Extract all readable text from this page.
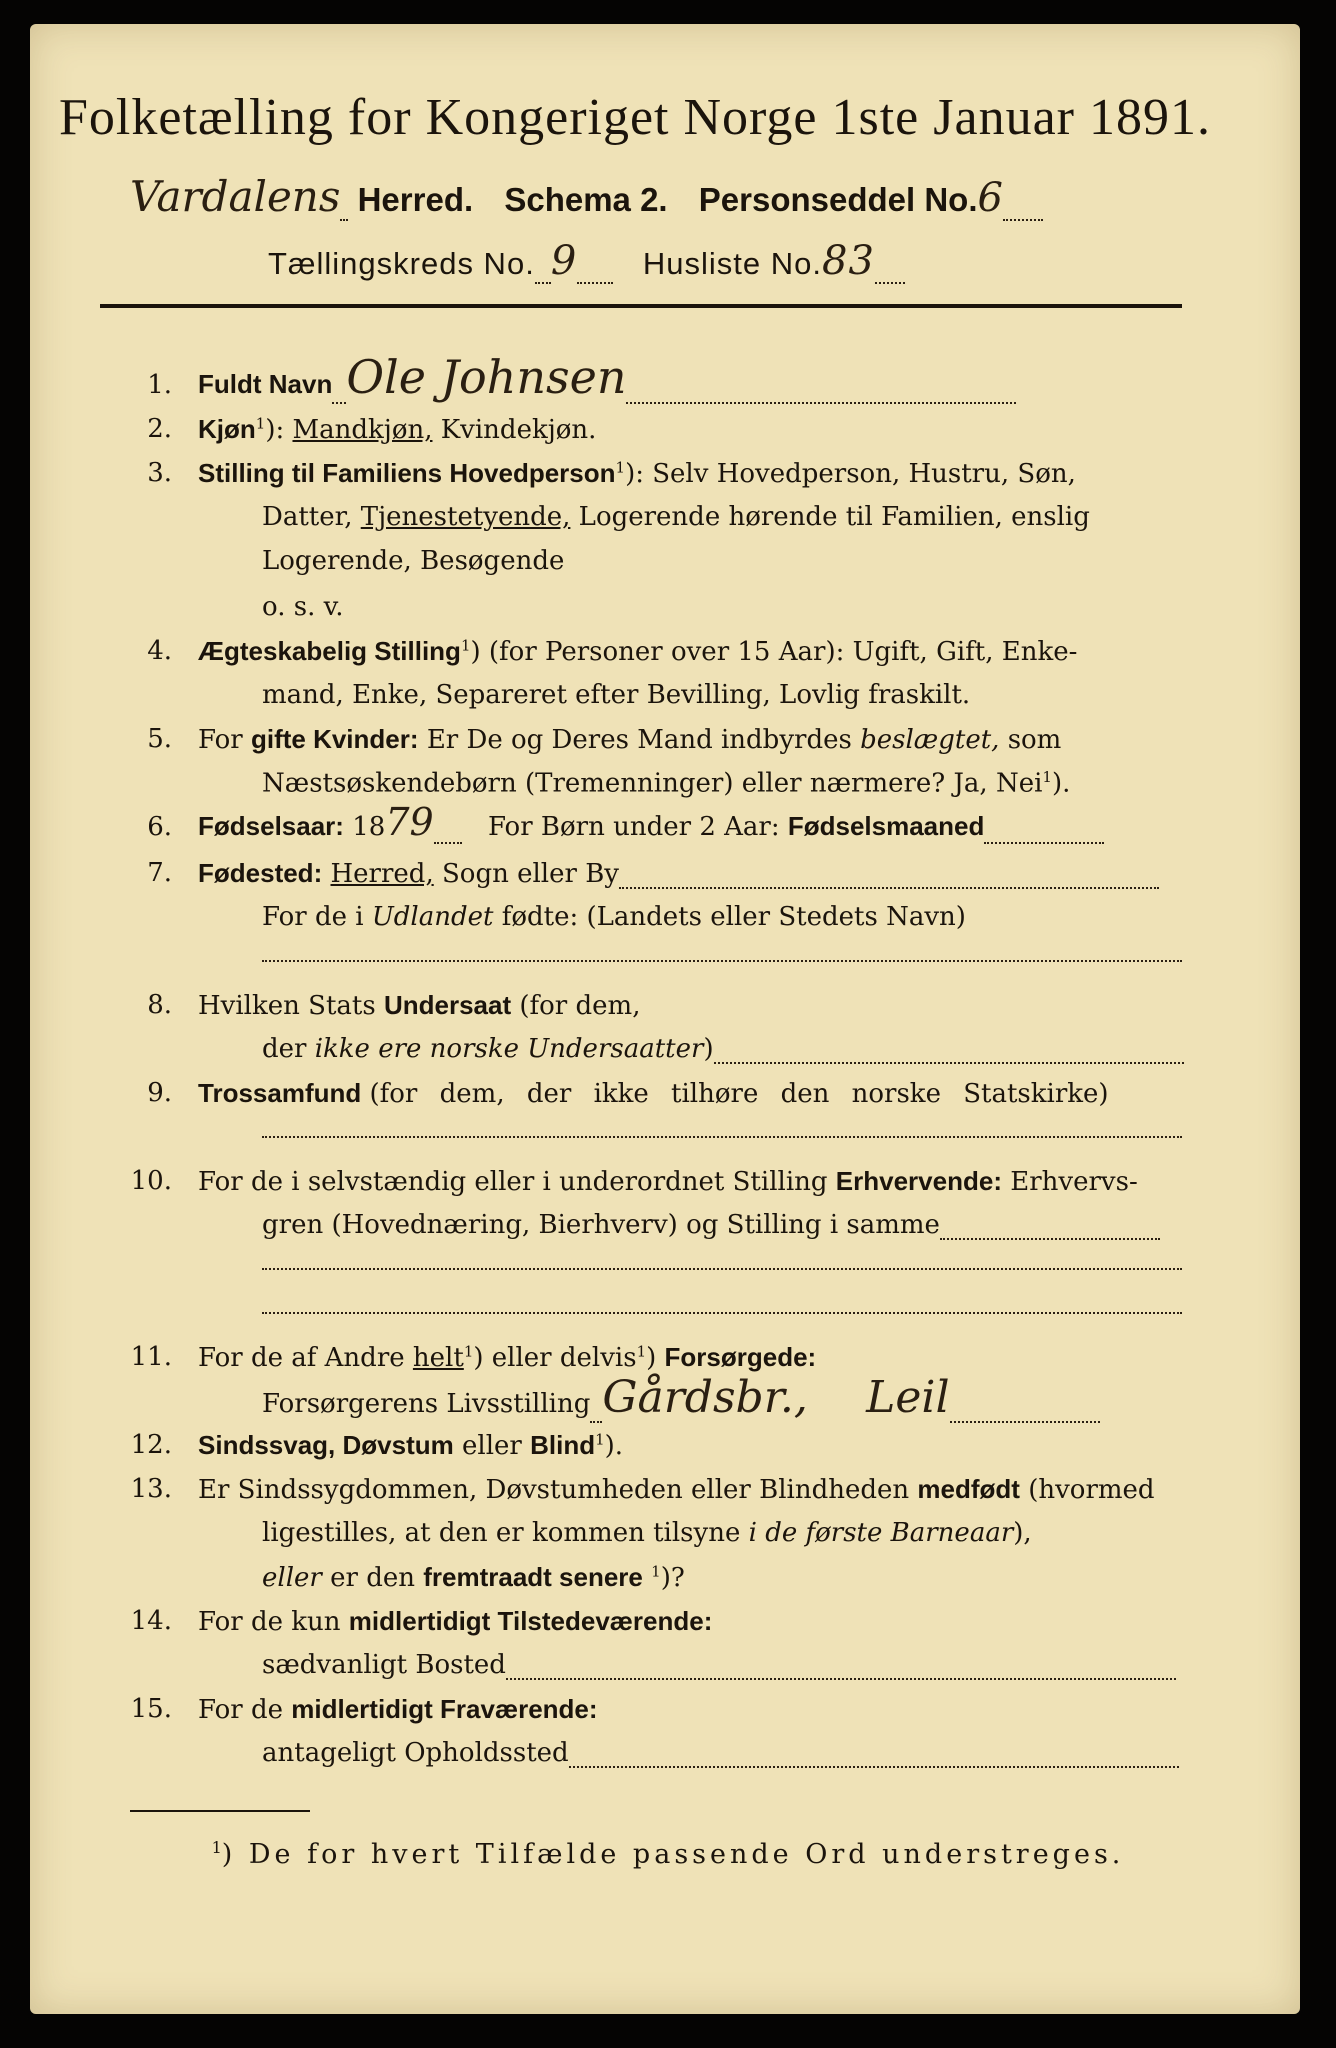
Folketælling for Kongeriget Norge 1ste Januar 1891.
Vardalens Herred. Schema 2. Personseddel No.6
Tællingskreds No. 9 Husliste No.83
1. Fuldt Navn Ole Johnsen
2. Kjøn$^1$): Mandkjøn, Kvindekjøn.
3. Stilling til Familiens Hovedperson$^1$): Selv Hovedperson, Hustru, Søn,
Datter, Tjenestetyende, Logerende hørende til Familien, enslig
Logerende, Besøgende
o. s. v.
4. Ægteskabelig Stilling$^1$) (for Personer over 15 Aar): Ugift, Gift, Enke-
mand, Enke, Separeret efter Bevilling, Lovlig fraskilt.
5. For gifte Kvinder: Er De og Deres Mand indbyrdes beslægtet, som
Næstsøskendebørn (Tremenninger) eller nærmere? Ja, Nei$^1$).
6. Fødselsaar: 1879 For Børn under 2 Aar: Fødselsmaaned
7. Fødested: Herred, Sogn eller By
For de i Udlandet fødte: (Landets eller Stedets Navn)
8. Hvilken Stats Undersaat (for dem,
der ikke ere norske Undersaatter)
9. Trossamfund (for dem, der ikke tilhøre den norske Statskirke)
10. For de i selvstændig eller i underordnet Stilling Erhvervende: Erhvervs-
gren (Hovednæring, Bierhverv) og Stilling i samme
11. For de af Andre helt$^1$) eller delvis$^1$) Forsørgede:
Forsørgerens Livsstilling Gårdsbr., Leil
12. Sindssvag, Døvstum eller Blind$^1$).
13. Er Sindssygdommen, Døvstumheden eller Blindheden medfødt (hvormed
ligestilles, at den er kommen tilsyne i de første Barneaar),
eller er den fremtraadt senere $^1$)?
14. For de kun midlertidigt Tilstedeværende:
sædvanligt Bosted
15. For de midlertidigt Fraværende:
antageligt Opholdssted
$^1$) De for hvert Tilfælde passende Ord understreges.
